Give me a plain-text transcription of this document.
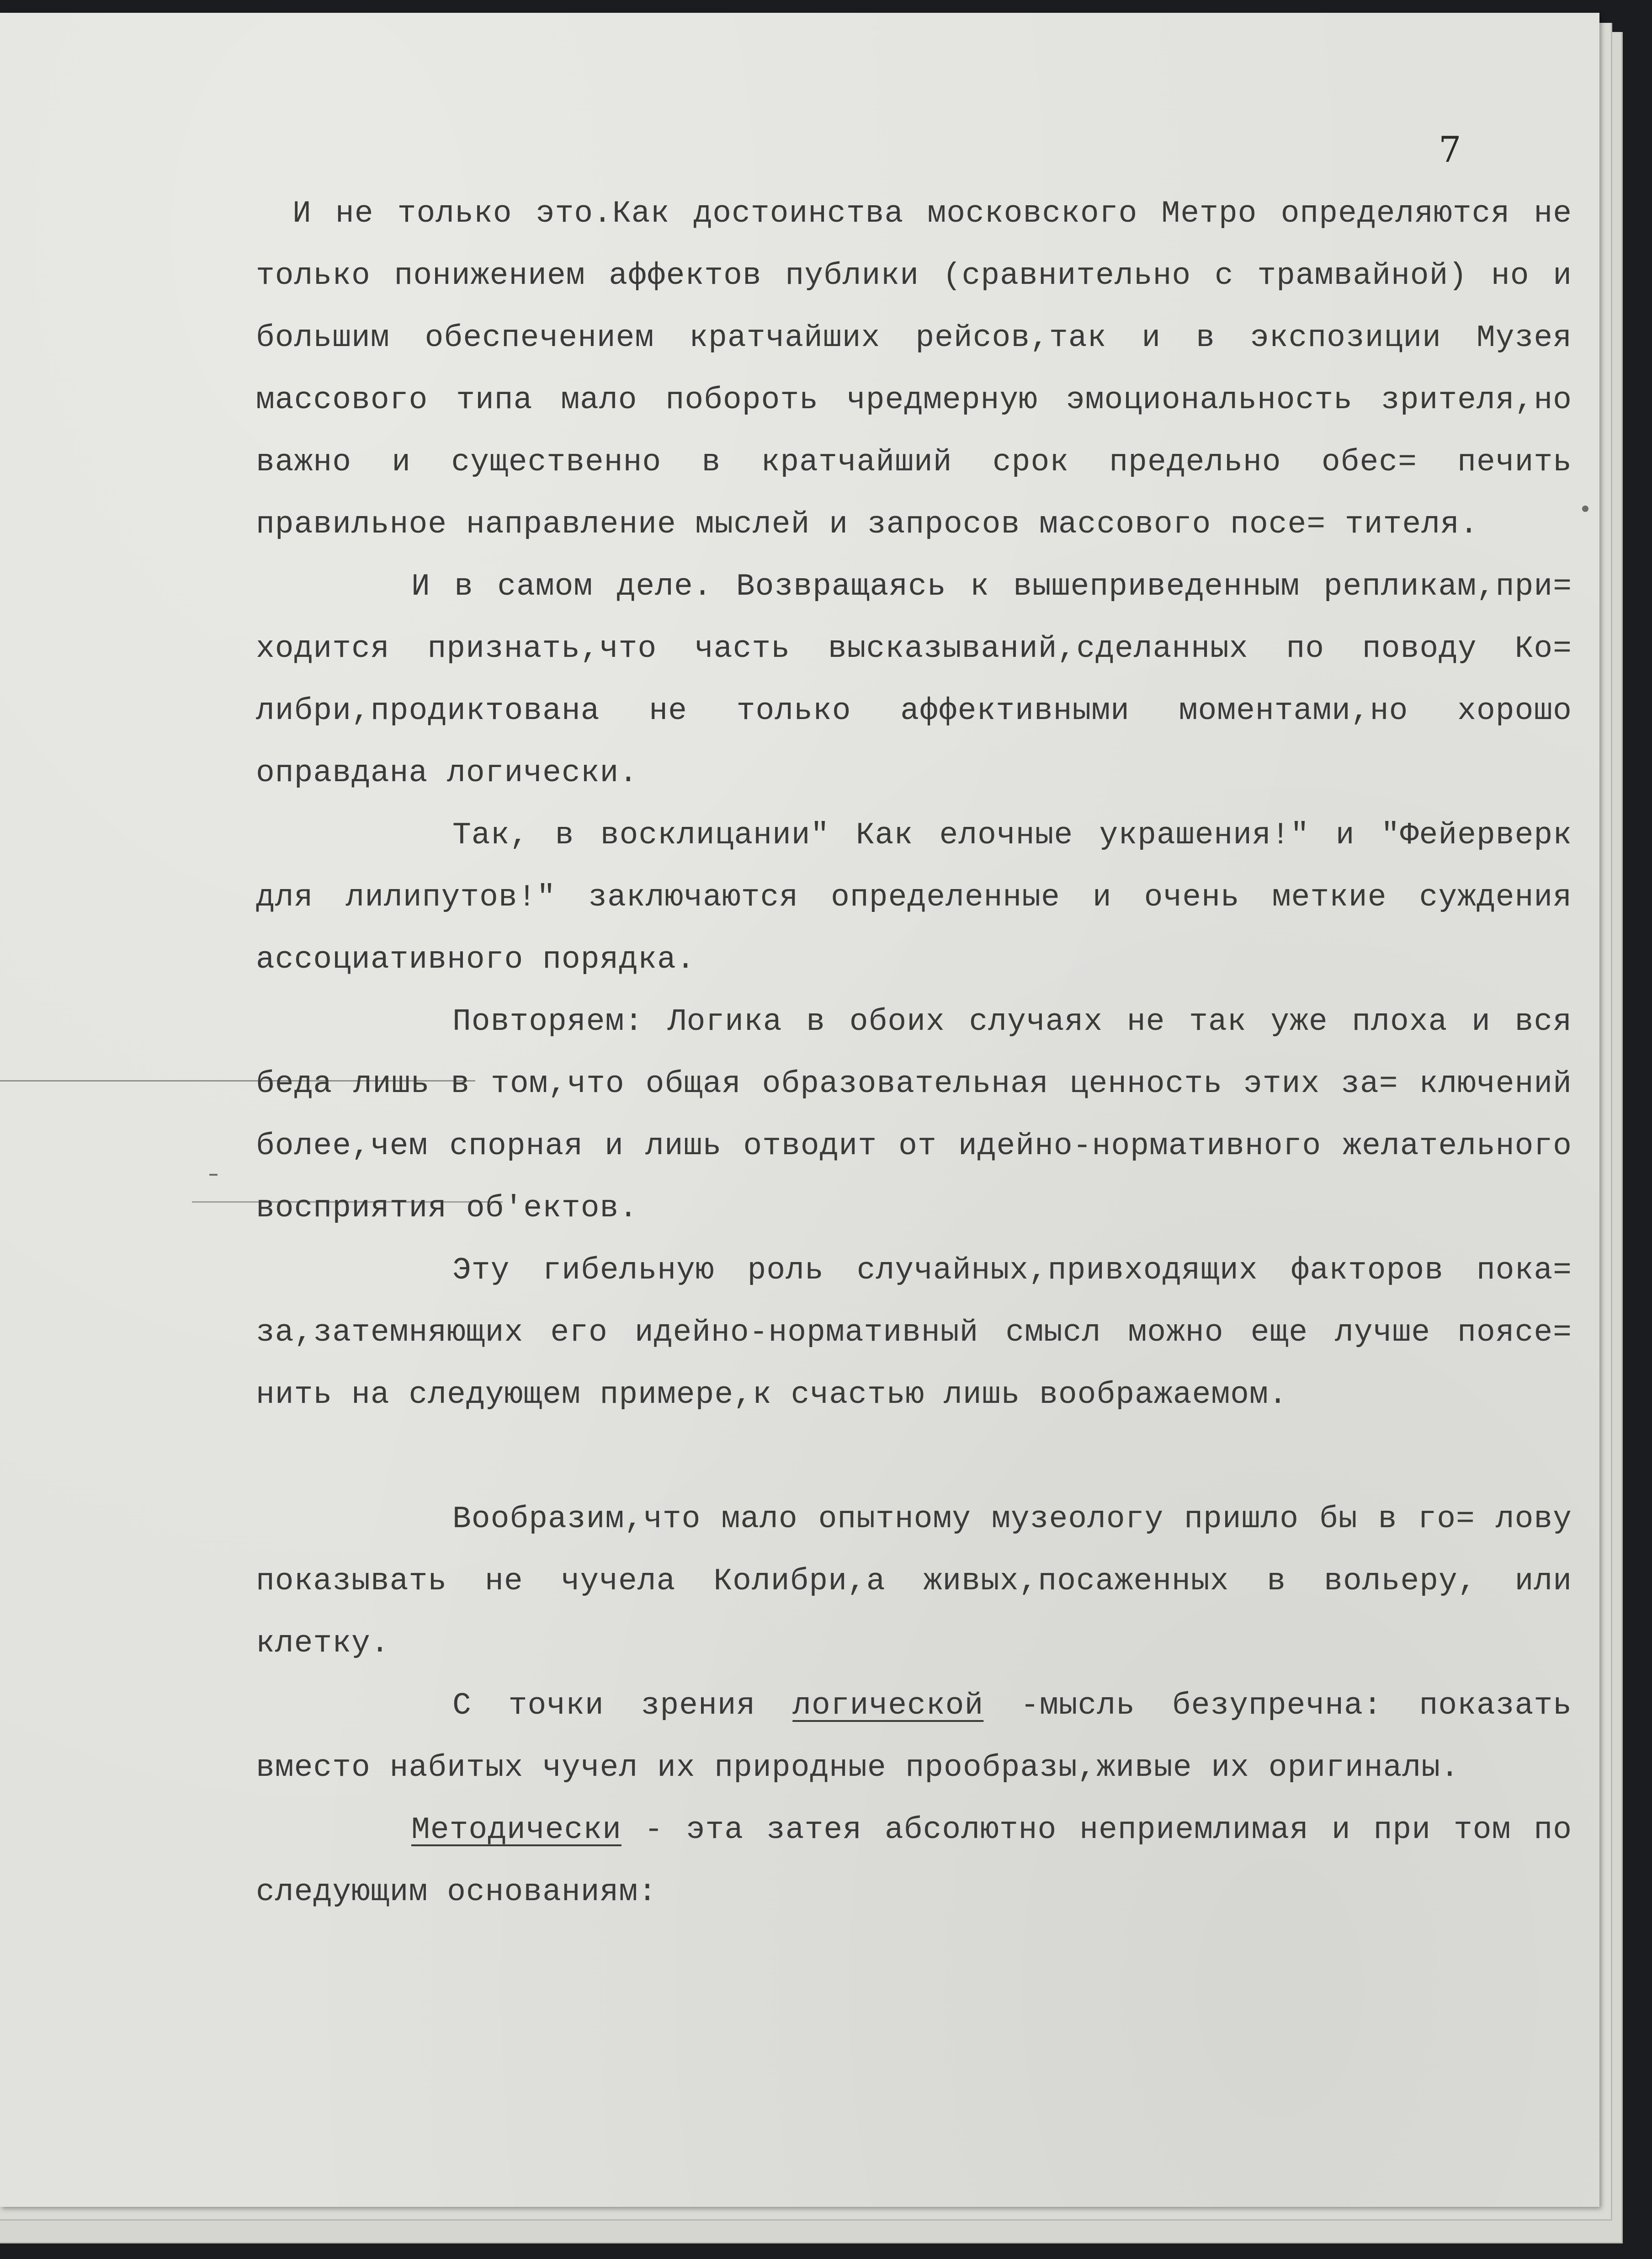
7

И не только это.Как достоинства московского Метро определяются не только понижением аффектов публики (сравнительно с трамвайной) но и большим обеспечением кратчайших рейсов,так и в экспозиции Музея массового типа мало побороть чредмерную эмоциональность зрителя,но важно и существенно в кратчайший срок предельно обес= печить правильное направление мыслей и запросов массового посе= тителя.

И в самом деле. Возвращаясь к вышеприведенным репликам,при= ходится признать,что часть высказываний,сделанных по поводу Ко= либри,продиктована не только аффективными моментами,но хорошо оправдана логически.

Так, в восклицании" Как елочные украшения!" и "Фейерверк для лилипутов!" заключаются определенные и очень меткие суждения ассоциативного порядка.

Повторяем: Логика в обоих случаях не так уже плоха и вся беда лишь в том,что общая образовательная ценность этих за= ключений более,чем спорная и лишь отводит от идейно-нормативного желательного восприятия об'ектов.

Эту гибельную роль случайных,привходящих факторов пока= за,затемняющих его идейно-нормативный смысл можно еще лучше поясе= нить на следующем примере,к счастью лишь воображаемом.

Вообразим,что мало опытному музеологу пришло бы в го= лову показывать не чучела Колибри,а живых,посаженных в вольеру, или клетку.

С точки зрения логической -мысль безупречна: показать вместо набитых чучел их природные прообразы,живые их оригиналы.

Методически - эта затея абсолютно неприемлимая и при том по следующим основаниям:
